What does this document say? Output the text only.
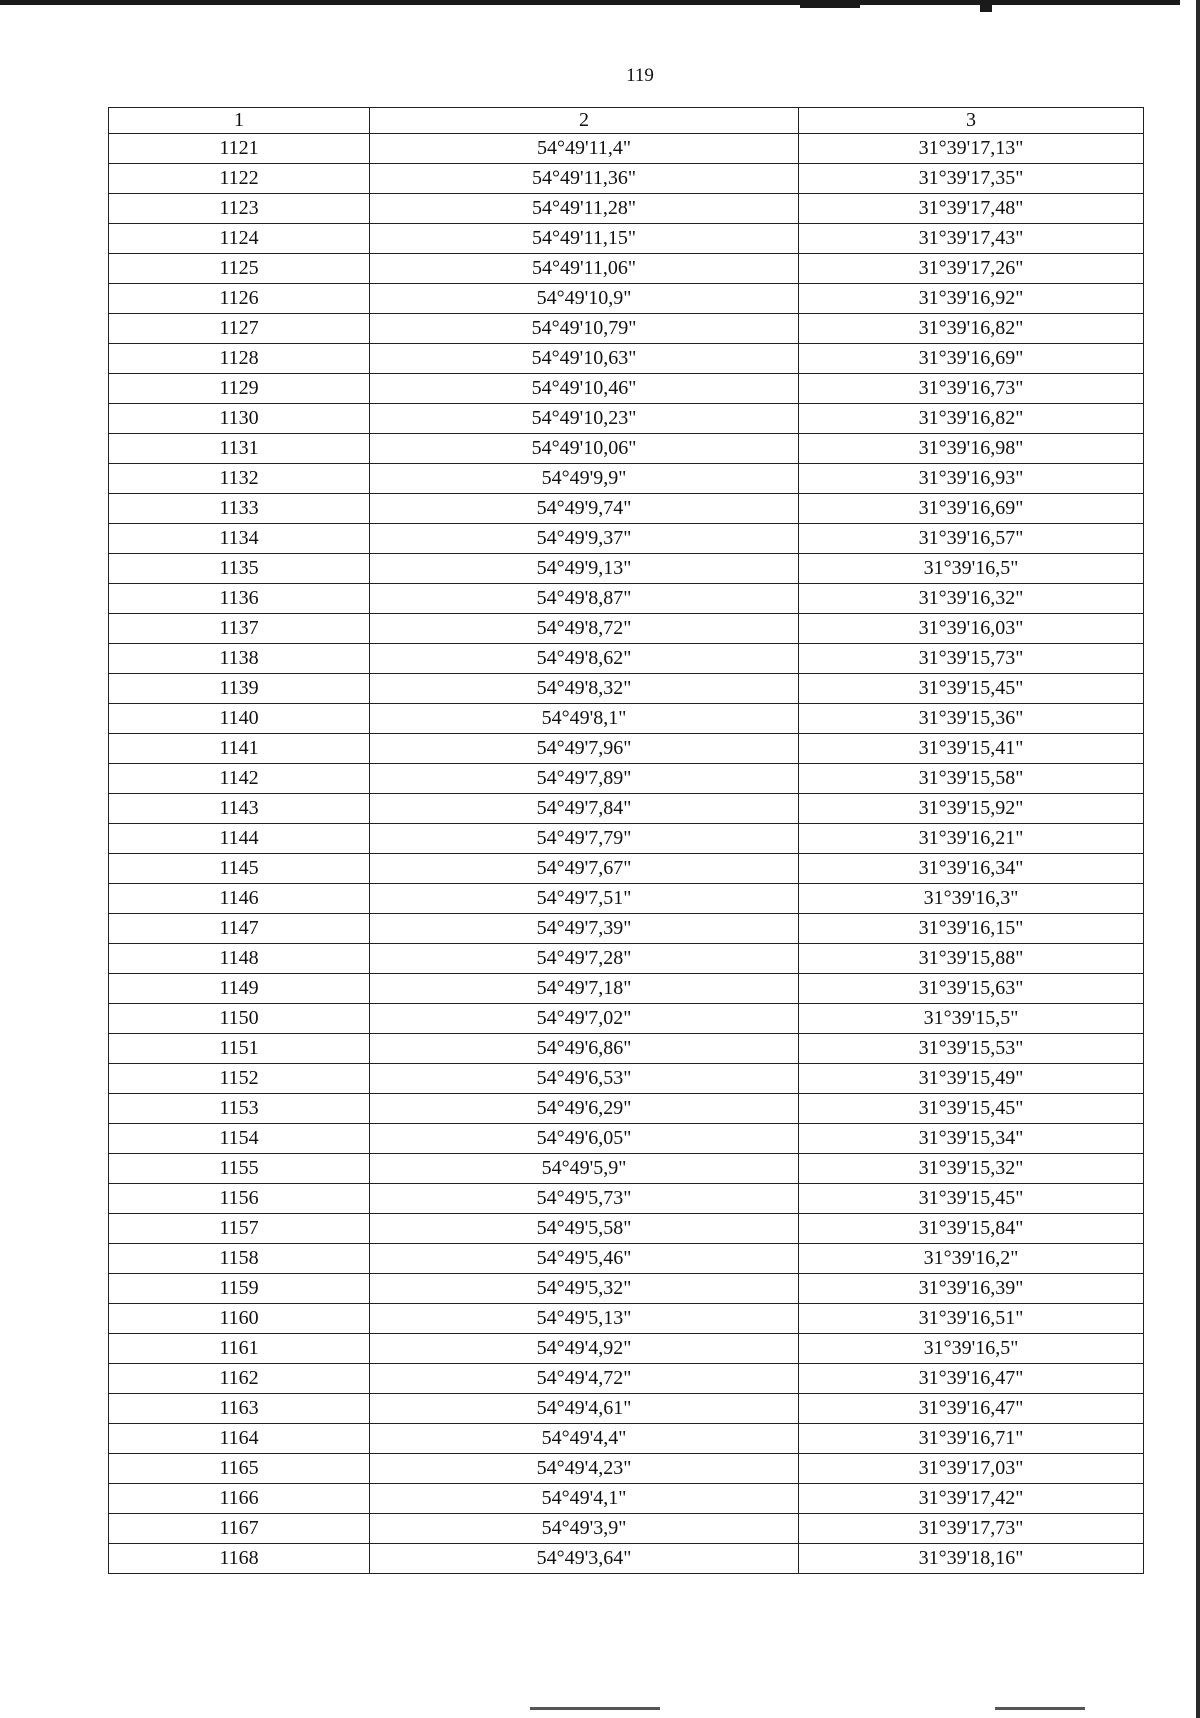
119
1	2	3
1121	54°49'11,4"	31°39'17,13"
1122	54°49'11,36"	31°39'17,35"
1123	54°49'11,28"	31°39'17,48"
1124	54°49'11,15"	31°39'17,43"
1125	54°49'11,06"	31°39'17,26"
1126	54°49'10,9"	31°39'16,92"
1127	54°49'10,79"	31°39'16,82"
1128	54°49'10,63"	31°39'16,69"
1129	54°49'10,46"	31°39'16,73"
1130	54°49'10,23"	31°39'16,82"
1131	54°49'10,06"	31°39'16,98"
1132	54°49'9,9"	31°39'16,93"
1133	54°49'9,74"	31°39'16,69"
1134	54°49'9,37"	31°39'16,57"
1135	54°49'9,13"	31°39'16,5"
1136	54°49'8,87"	31°39'16,32"
1137	54°49'8,72"	31°39'16,03"
1138	54°49'8,62"	31°39'15,73"
1139	54°49'8,32"	31°39'15,45"
1140	54°49'8,1"	31°39'15,36"
1141	54°49'7,96"	31°39'15,41"
1142	54°49'7,89"	31°39'15,58"
1143	54°49'7,84"	31°39'15,92"
1144	54°49'7,79"	31°39'16,21"
1145	54°49'7,67"	31°39'16,34"
1146	54°49'7,51"	31°39'16,3"
1147	54°49'7,39"	31°39'16,15"
1148	54°49'7,28"	31°39'15,88"
1149	54°49'7,18"	31°39'15,63"
1150	54°49'7,02"	31°39'15,5"
1151	54°49'6,86"	31°39'15,53"
1152	54°49'6,53"	31°39'15,49"
1153	54°49'6,29"	31°39'15,45"
1154	54°49'6,05"	31°39'15,34"
1155	54°49'5,9"	31°39'15,32"
1156	54°49'5,73"	31°39'15,45"
1157	54°49'5,58"	31°39'15,84"
1158	54°49'5,46"	31°39'16,2"
1159	54°49'5,32"	31°39'16,39"
1160	54°49'5,13"	31°39'16,51"
1161	54°49'4,92"	31°39'16,5"
1162	54°49'4,72"	31°39'16,47"
1163	54°49'4,61"	31°39'16,47"
1164	54°49'4,4"	31°39'16,71"
1165	54°49'4,23"	31°39'17,03"
1166	54°49'4,1"	31°39'17,42"
1167	54°49'3,9"	31°39'17,73"
1168	54°49'3,64"	31°39'18,16"
